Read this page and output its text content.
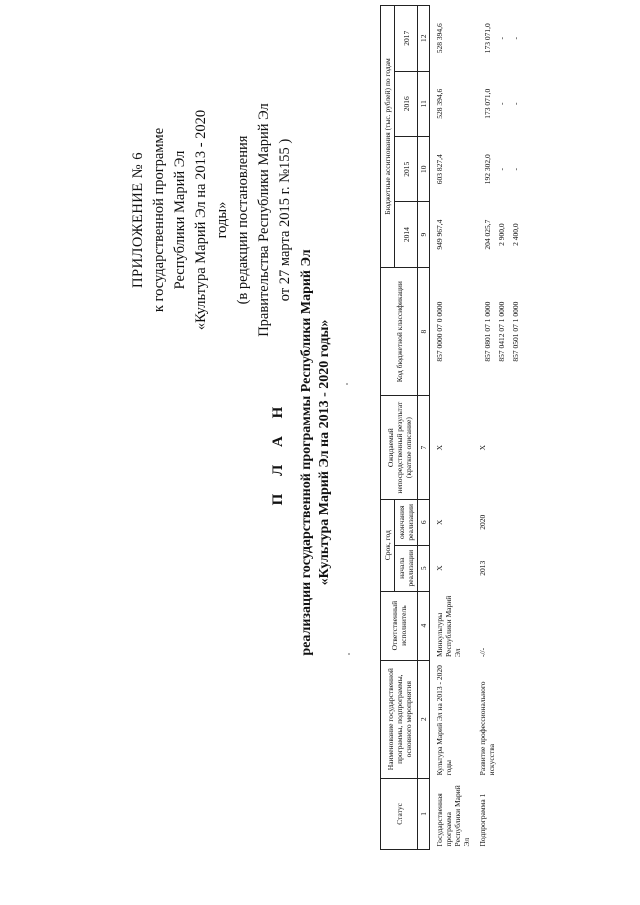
ПРИЛОЖЕНИЕ № 6 к государственной программе Республики Марий Эл «Культура Марий Эл на 2013 - 2020 годы» (в редакции постановления Правительства Республики Марий Эл от 27 марта 2015 г. №155 )
П Л А Н реализации государственной программы Республики Марий Эл «Культура Марий Эл на 2013 - 2020 годы»
Статус	Наименование государственной программы, подпрограммы, основного мероприятия	Ответственный исполнитель	Срок, год		Ожидаемый непосредственный результат (краткое описание)	Код бюджетной классификации	Бюджетные ассигнования (тыс. рублей) по годам			
			начала реализации	окончания реализации			2014	2015	2016	2017

1	2	4	5	6	7	8	9	10	11	12
Государственная программа Республики Марий Эл	Культура Марий Эл на 2013 - 2020 годы	Минкультуры Республики Марий Эл	Х	Х	Х	857 0000 07 0 0000	949 967,4	603 827,4	528 394,6	528 394,6
Подпрограмма 1	Развитие профессионального искусства	-//-	2013	2020	Х	857 0801 07 1 0000 857 0412 07 1 0000 857 0501 07 1 0000	204 025,7 2 900,0 2 400,0	192 302,0 - -	173 071,0 - -	173 071,0 - -
